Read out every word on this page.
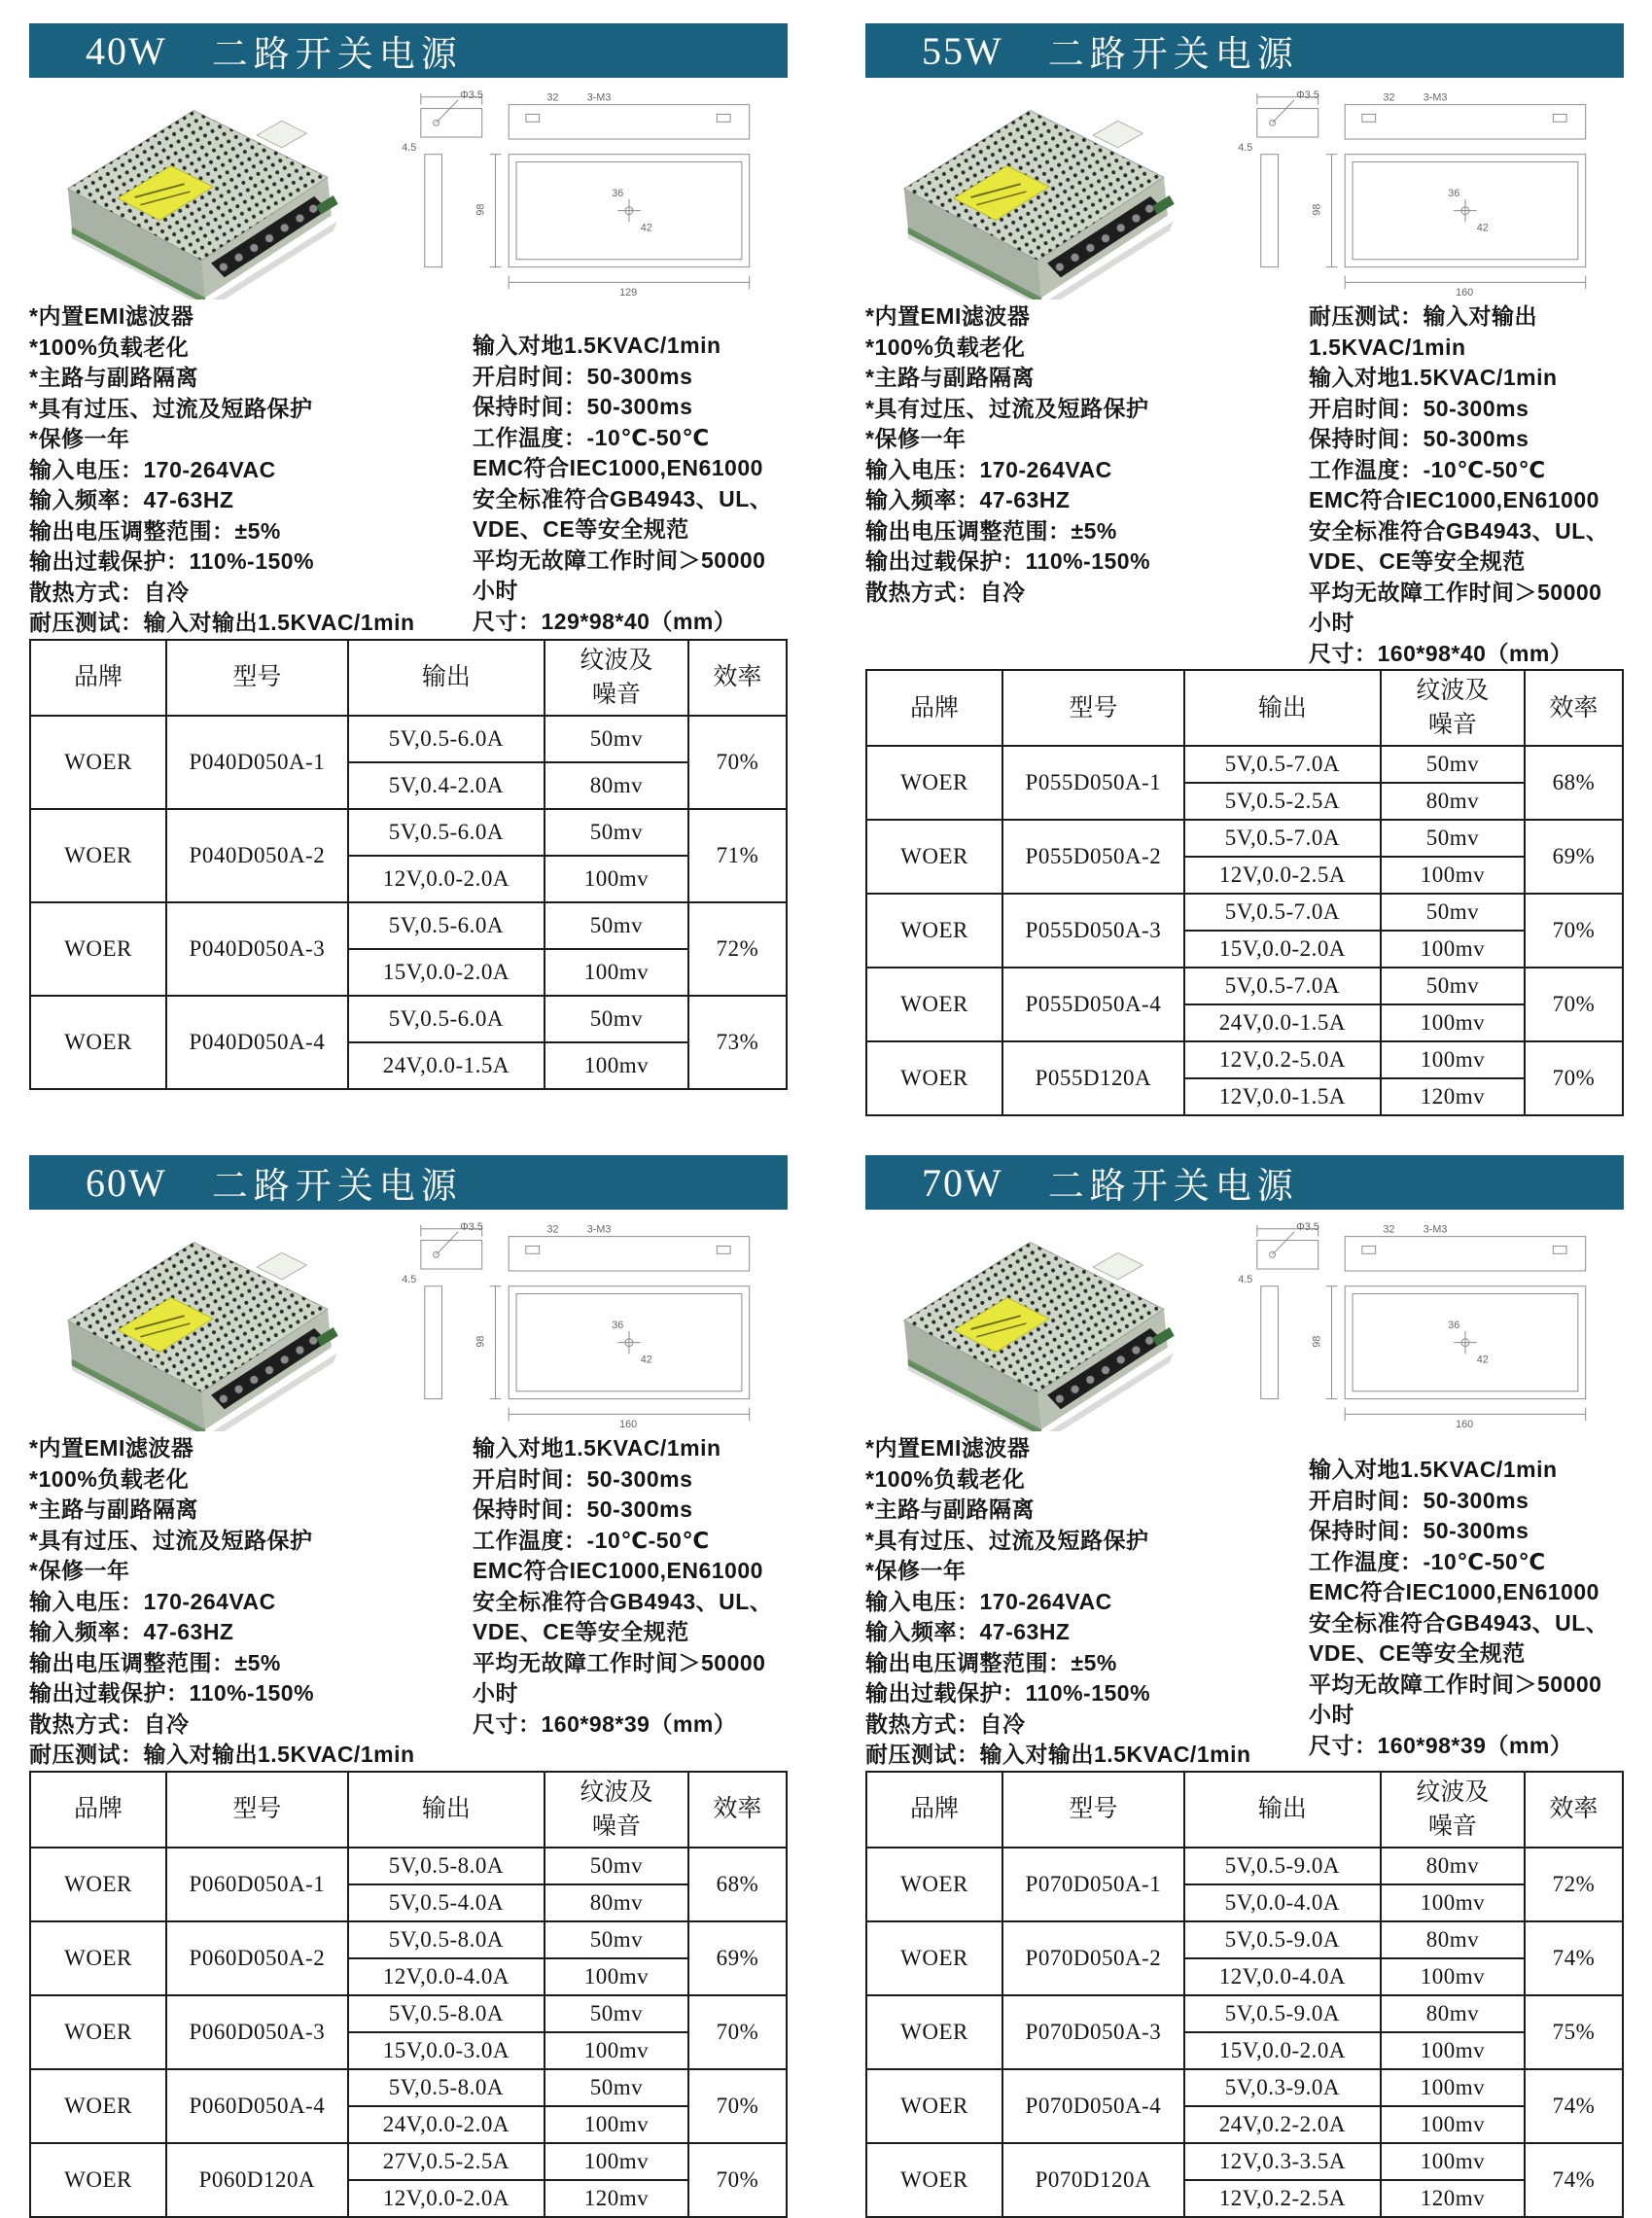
40W 二路开关电源
Φ3.5	32	3-M3
4.5
98
36
42
129
*内置EMI滤波器
*100%负载老化
*主路与副路隔离
*具有过压、过流及短路保护
*保修一年
输入电压：170-264VAC
输入频率：47-63HZ
输出电压调整范围：±5%
输出过载保护：110%-150%
散热方式：自冷
耐压测试：输入对输出1.5KVAC/1min
输入对地1.5KVAC/1min
开启时间：50-300ms
保持时间：50-300ms
工作温度：-10℃-50℃
EMC符合IEC1000,EN61000
安全标准符合GB4943、UL、VDE、CE等安全规范
平均无故障工作时间＞50000小时
尺寸：129*98*40（mm）
品牌	型号	输出	纹波及噪音	效率

WOER	P040D050A-1	5V,0.5-6.0A	50mv	70%
		5V,0.4-2.0A	80mv	
WOER	P040D050A-2	5V,0.5-6.0A	50mv	71%
		12V,0.0-2.0A	100mv	
WOER	P040D050A-3	5V,0.5-6.0A	50mv	72%
		15V,0.0-2.0A	100mv	
WOER	P040D050A-4	5V,0.5-6.0A	50mv	73%
		24V,0.0-1.5A	100mv	
55W 二路开关电源
Φ3.5	32	3-M3
4.5
98
36
42
160
*内置EMI滤波器
*100%负载老化
*主路与副路隔离
*具有过压、过流及短路保护
*保修一年
输入电压：170-264VAC
输入频率：47-63HZ
输出电压调整范围：±5%
输出过载保护：110%-150%
散热方式：自冷
耐压测试：输入对输出1.5KVAC/1min
输入对地1.5KVAC/1min
开启时间：50-300ms
保持时间：50-300ms
工作温度：-10℃-50℃
EMC符合IEC1000,EN61000
安全标准符合GB4943、UL、VDE、CE等安全规范
平均无故障工作时间＞50000小时
尺寸：160*98*40（mm）
品牌	型号	输出	纹波及噪音	效率

WOER	P055D050A-1	5V,0.5-7.0A	50mv	68%
		5V,0.5-2.5A	80mv	
WOER	P055D050A-2	5V,0.5-7.0A	50mv	69%
		12V,0.0-2.5A	100mv	
WOER	P055D050A-3	5V,0.5-7.0A	50mv	70%
		15V,0.0-2.0A	100mv	
WOER	P055D050A-4	5V,0.5-7.0A	50mv	70%
		24V,0.0-1.5A	100mv	
WOER	P055D120A	12V,0.2-5.0A	100mv	70%
		12V,0.0-1.5A	120mv	
60W 二路开关电源
Φ3.5	32	3-M3
4.5
98
36
42
160
*内置EMI滤波器
*100%负载老化
*主路与副路隔离
*具有过压、过流及短路保护
*保修一年
输入电压：170-264VAC
输入频率：47-63HZ
输出电压调整范围：±5%
输出过载保护：110%-150%
散热方式：自冷
耐压测试：输入对输出1.5KVAC/1min
输入对地1.5KVAC/1min
开启时间：50-300ms
保持时间：50-300ms
工作温度：-10℃-50℃
EMC符合IEC1000,EN61000
安全标准符合GB4943、UL、VDE、CE等安全规范
平均无故障工作时间＞50000小时
尺寸：160*98*39（mm）
品牌	型号	输出	纹波及噪音	效率

WOER	P060D050A-1	5V,0.5-8.0A	50mv	68%
		5V,0.5-4.0A	80mv	
WOER	P060D050A-2	5V,0.5-8.0A	50mv	69%
		12V,0.0-4.0A	100mv	
WOER	P060D050A-3	5V,0.5-8.0A	50mv	70%
		15V,0.0-3.0A	100mv	
WOER	P060D050A-4	5V,0.5-8.0A	50mv	70%
		24V,0.0-2.0A	100mv	
WOER	P060D120A	27V,0.5-2.5A	100mv	70%
		12V,0.0-2.0A	120mv	
70W 二路开关电源
Φ3.5	32	3-M3
4.5
98
36
42
160
*内置EMI滤波器
*100%负载老化
*主路与副路隔离
*具有过压、过流及短路保护
*保修一年
输入电压：170-264VAC
输入频率：47-63HZ
输出电压调整范围：±5%
输出过载保护：110%-150%
散热方式：自冷
耐压测试：输入对输出1.5KVAC/1min
输入对地1.5KVAC/1min
开启时间：50-300ms
保持时间：50-300ms
工作温度：-10℃-50℃
EMC符合IEC1000,EN61000
安全标准符合GB4943、UL、VDE、CE等安全规范
平均无故障工作时间＞50000小时
尺寸：160*98*39（mm）
品牌	型号	输出	纹波及噪音	效率

WOER	P070D050A-1	5V,0.5-9.0A	80mv	72%
		5V,0.0-4.0A	100mv	
WOER	P070D050A-2	5V,0.5-9.0A	80mv	74%
		12V,0.0-4.0A	100mv	
WOER	P070D050A-3	5V,0.5-9.0A	80mv	75%
		15V,0.0-2.0A	100mv	
WOER	P070D050A-4	5V,0.3-9.0A	100mv	74%
		24V,0.2-2.0A	100mv	
WOER	P070D120A	12V,0.3-3.5A	100mv	74%
		12V,0.2-2.5A	120mv	
